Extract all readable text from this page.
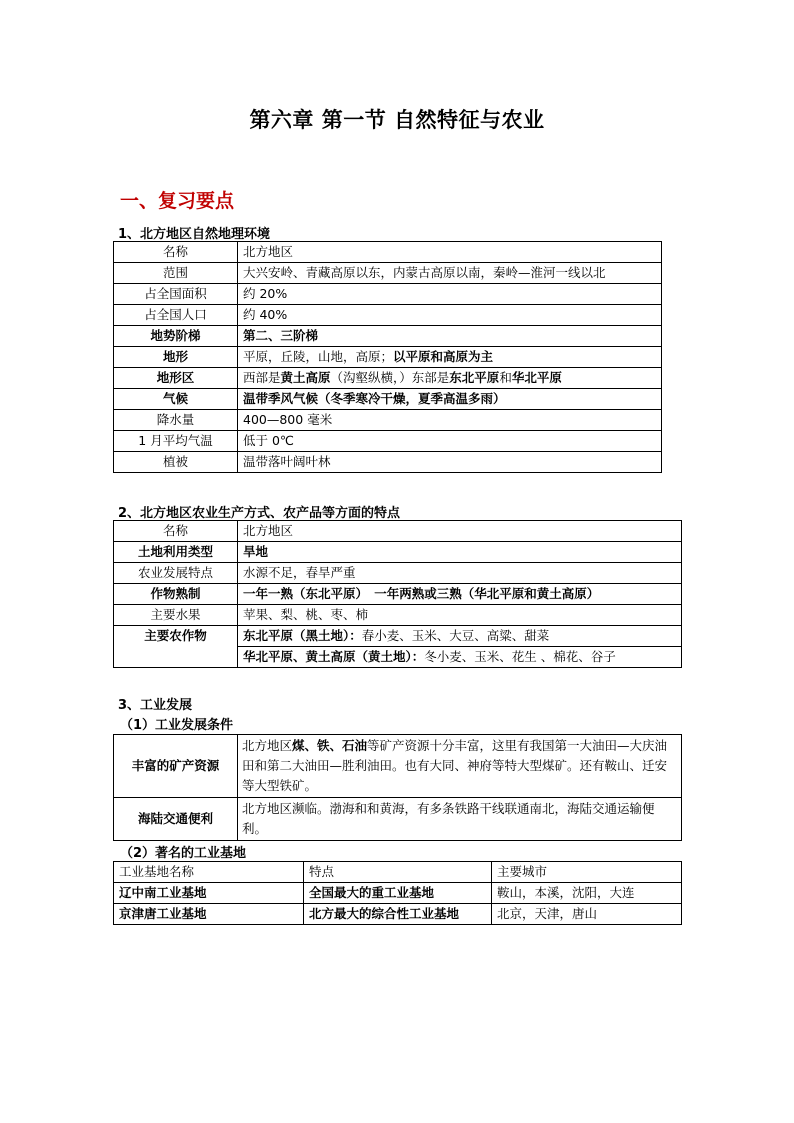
第六章 第一节 自然特征与农业
一、复习要点
1、北方地区自然地理环境
名称	北方地区
范围	大兴安岭、青藏高原以东，内蒙古高原以南，秦岭—淮河一线以北
占全国面积	约 20%
占全国人口	约 40%
地势阶梯	第二、三阶梯
地形	平原，丘陵，山地，高原；以平原和高原为主
地形区	西部是黄土高原（沟壑纵横，）东部是东北平原和华北平原
气候	温带季风气候（冬季寒冷干燥，夏季高温多雨）
降水量	400—800 毫米
1 月平均气温	低于 0℃
植被	温带落叶阔叶林
2、北方地区农业生产方式、农产品等方面的特点
名称	北方地区
土地利用类型	旱地
农业发展特点	水源不足，春旱严重
作物熟制	一年一熟（东北平原）　一年两熟或三熟（华北平原和黄土高原）
主要水果	苹果、梨、桃、枣、柿
主要农作物	东北平原（黑土地）：春小麦、玉米、大豆、高粱、甜菜
	华北平原、黄土高原（黄土地）：冬小麦、玉米、花生 、棉花、谷子
3、工业发展
（1）工业发展条件
丰富的矿产资源	北方地区煤、铁、石油等矿产资源十分丰富，这里有我国第一大油田—大庆油田和第二大油田—胜利油田。也有大同、神府等特大型煤矿。还有鞍山、迁安等大型铁矿。
海陆交通便利	北方地区濒临。渤海和和黄海，有多条铁路干线联通南北，海陆交通运输便利。
（2）著名的工业基地
工业基地名称	特点	主要城市
辽中南工业基地	全国最大的重工业基地	鞍山，本溪，沈阳，大连
京津唐工业基地	北方最大的综合性工业基地	北京，天津，唐山
